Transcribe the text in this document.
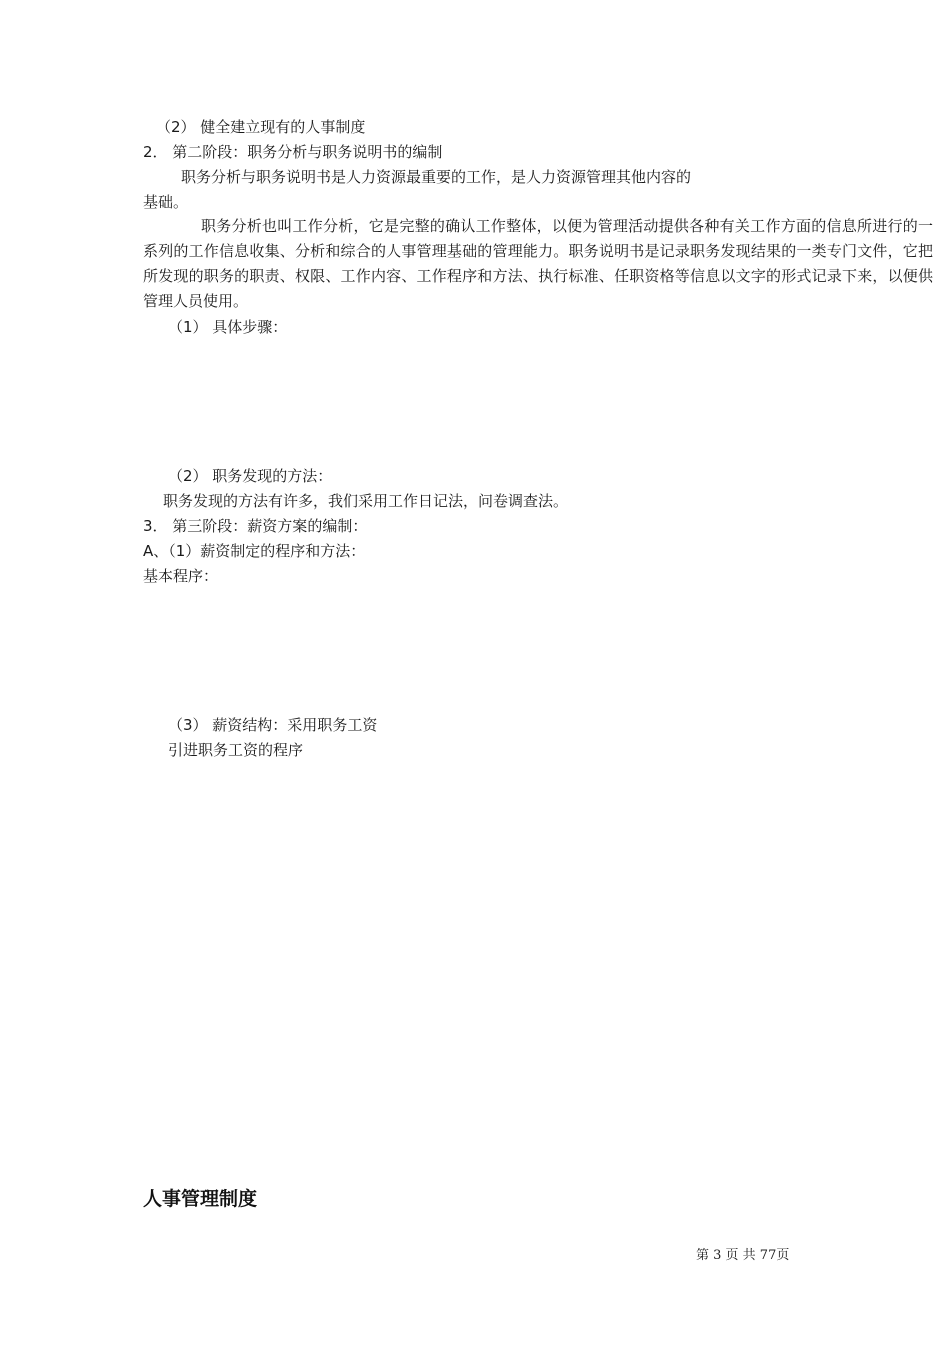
（2） 健全建立现有的人事制度
2． 第二阶段：职务分析与职务说明书的编制
职务分析与职务说明书是人力资源最重要的工作，是人力资源管理其他内容的
基础。
职务分析也叫工作分析，它是完整的确认工作整体，以便为管理活动提供各种有关工作方面的信息所进行的一系列的工作信息收集、分析和综合的人事管理基础的管理能力。职务说明书是记录职务发现结果的一类专门文件，它把所发现的职务的职责、权限、工作内容、工作程序和方法、执行标准、任职资格等信息以文字的形式记录下来，以便供管理人员使用。
（1） 具体步骤：
（2） 职务发现的方法：
职务发现的方法有许多，我们采用工作日记法，问卷调查法。
3． 第三阶段：薪资方案的编制：
A、（1）薪资制定的程序和方法：
基本程序：
（3） 薪资结构：采用职务工资
引进职务工资的程序
人事管理制度
第 3 页 共 77页
